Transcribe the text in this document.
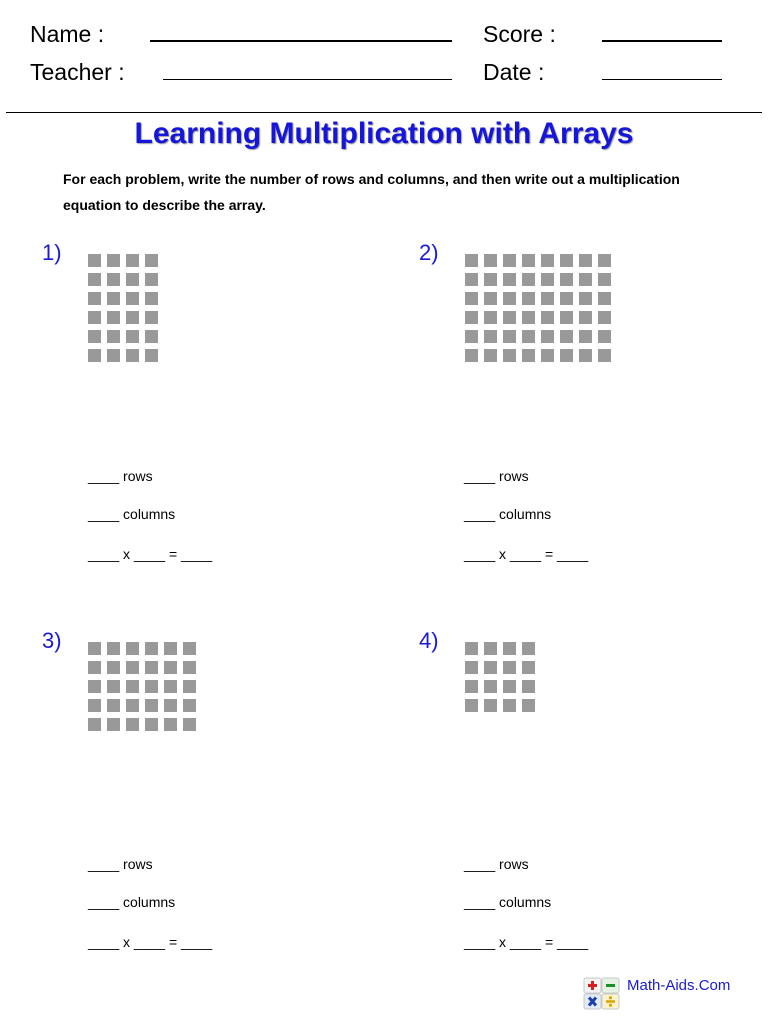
Name :	Score :
Teacher :	Date :
Learning Multiplication with Arrays
For each problem, write the number of rows and columns, and then write out a multiplication equation to describe the array.
1)
____ rows
____ columns
____ x ____ = ____
2)
____ rows
____ columns
____ x ____ = ____
3)
____ rows
____ columns
____ x ____ = ____
4)
____ rows
____ columns
____ x ____ = ____
Math-Aids.Com
